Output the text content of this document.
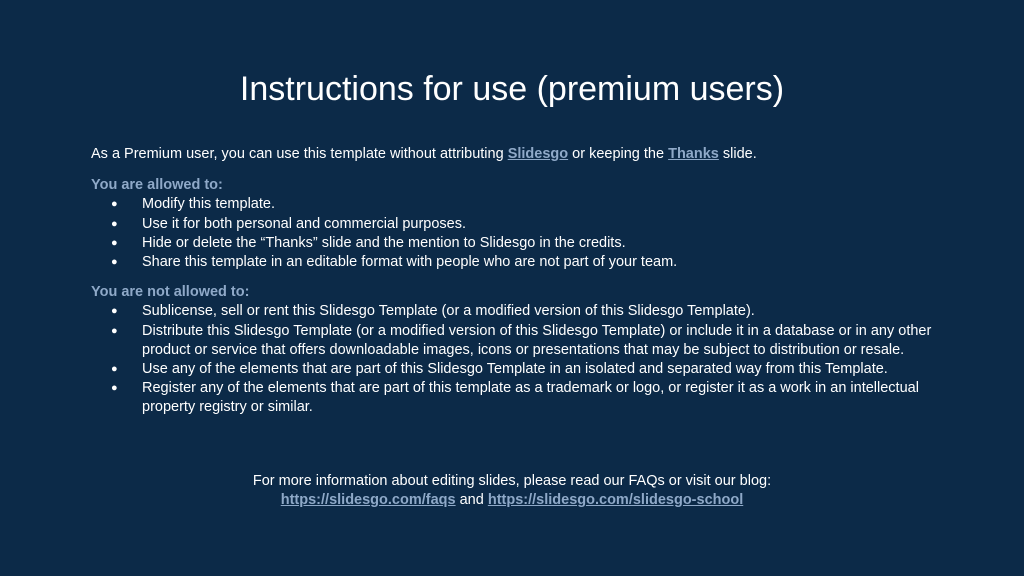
Instructions for use (premium users)

As a Premium user, you can use this template without attributing Slidesgo or keeping the Thanks slide.

You are allowed to:

● Modify this template.
● Use it for both personal and commercial purposes.
● Hide or delete the “Thanks” slide and the mention to Slidesgo in the credits.
● Share this template in an editable format with people who are not part of your team.

You are not allowed to:

● Sublicense, sell or rent this Slidesgo Template (or a modified version of this Slidesgo Template).
● Distribute this Slidesgo Template (or a modified version of this Slidesgo Template) or include it in a database or in any other product or service that offers downloadable images, icons or presentations that may be subject to distribution or resale.
● Use any of the elements that are part of this Slidesgo Template in an isolated and separated way from this Template.
● Register any of the elements that are part of this template as a trademark or logo, or register it as a work in an intellectual property registry or similar.
For more information about editing slides, please read our FAQs or visit our blog:
https://slidesgo.com/faqs and https://slidesgo.com/slidesgo-school
